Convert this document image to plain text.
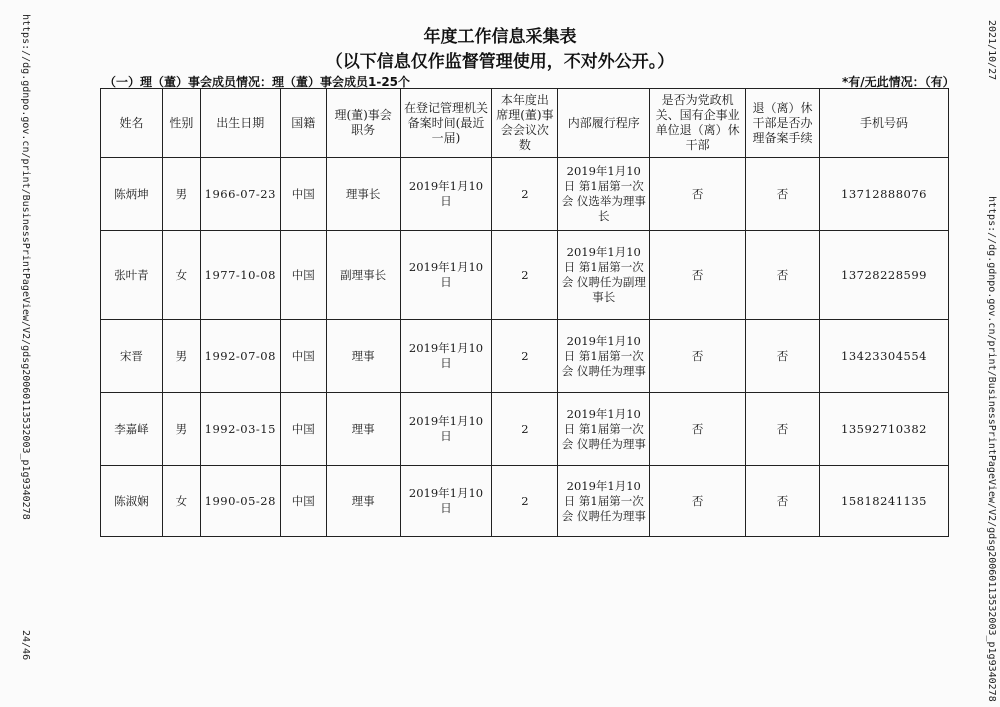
https://dg.gdnpo.gov.cn/print/BusinessPrintPageView/V2/gdsg20060113532003_p1g9340278	https://dg.gdnpo.gov.cn/print/BusinessPrintPageView/V2/gdsg20060113532003_p1g9340278
2021/10/27
24/46
年度工作信息采集表
（以下信息仅作监督管理使用，不对外公开。）
（一）理（董）事会成员情况：理（董）事会成员1-25个	*有/无此情况：（有）
姓名	性别	出生日期	国籍	理(董)事会职务	在登记管理机关备案时间(最近一届)	本年度出席理(董)事会会议次数	内部履行程序	是否为党政机关、国有企事业单位退（离）休干部	退（离）休干部是否办理备案手续	手机号码
陈炳坤	男	1966-07-23	中国	理事长	2019年1月10日	2	2019年1月10日 第1届第一次会 仪选举为理事长	否	否	13712888076
张叶青	女	1977-10-08	中国	副理事长	2019年1月10日	2	2019年1月10日 第1届第一次会 仪聘任为副理事长	否	否	13728228599
宋晋	男	1992-07-08	中国	理事	2019年1月10日	2	2019年1月10日 第1届第一次会 仪聘任为理事	否	否	13423304554
李嘉峄	男	1992-03-15	中国	理事	2019年1月10日	2	2019年1月10日 第1届第一次会 仪聘任为理事	否	否	13592710382
陈淑娴	女	1990-05-28	中国	理事	2019年1月10日	2	2019年1月10日 第1届第一次会 仪聘任为理事	否	否	15818241135
